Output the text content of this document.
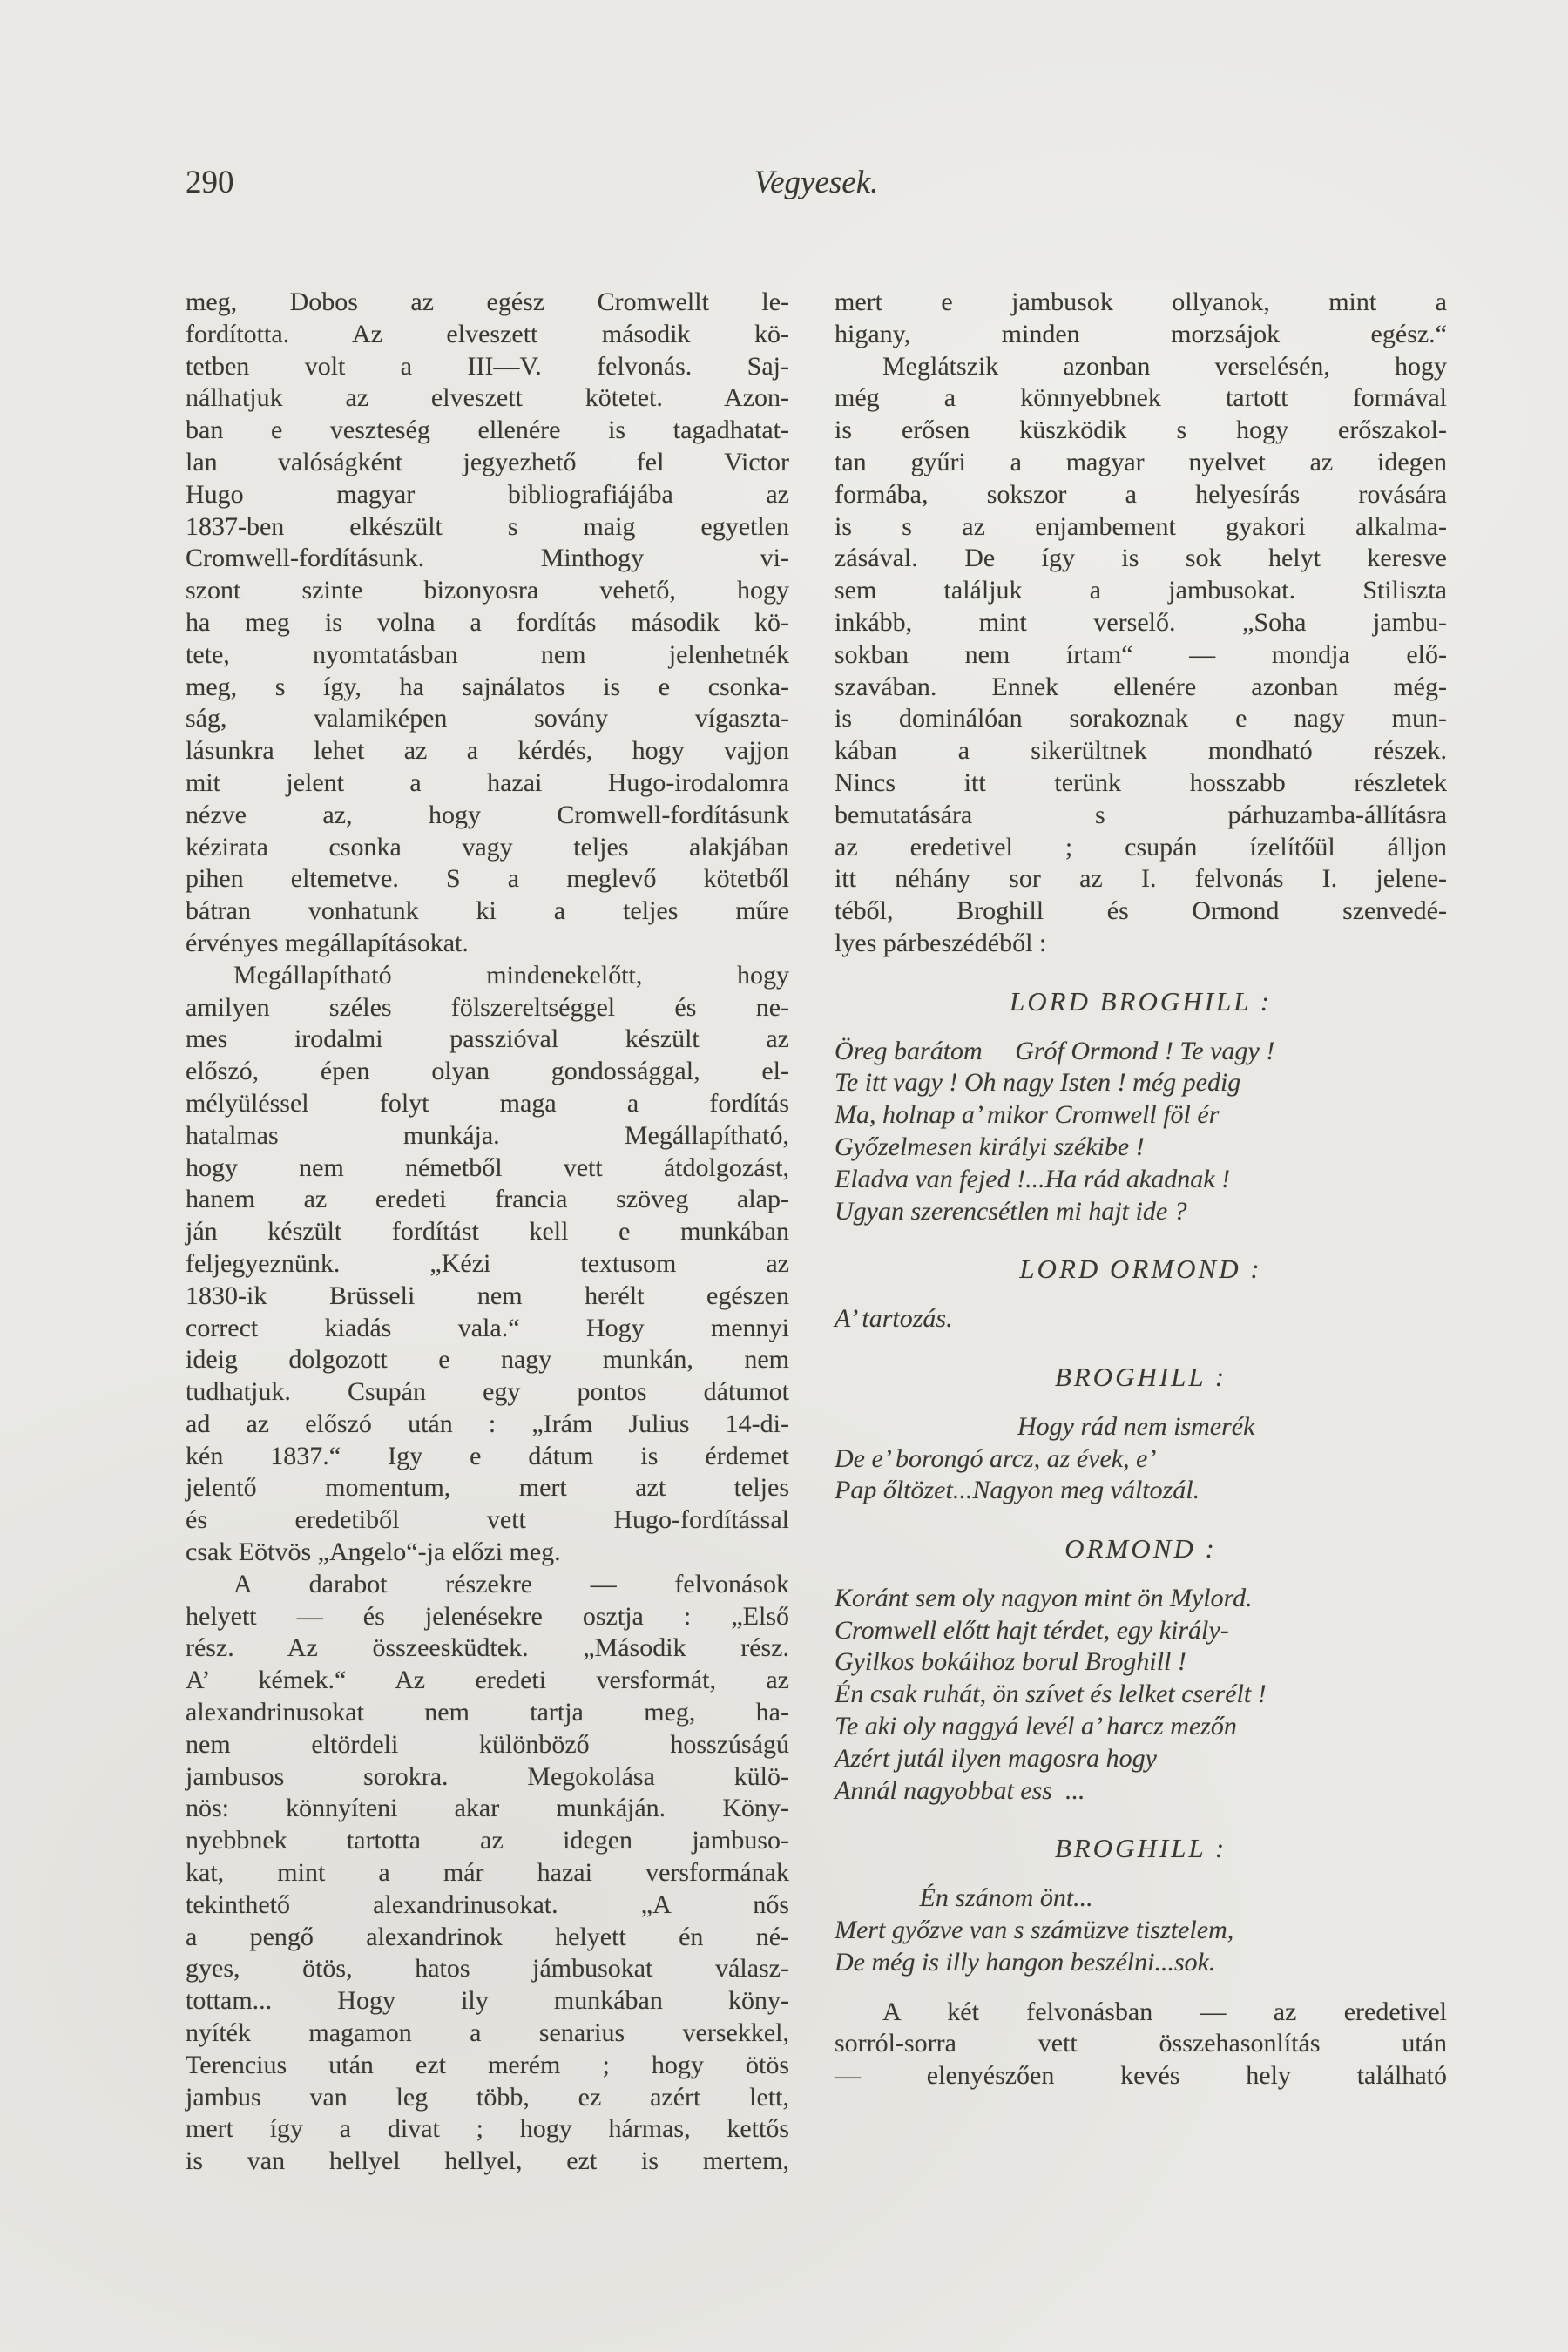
290	Vegyesek.
meg, Dobos az egész Cromwellt le-
fordította. Az elveszett második kö-
tetben volt a III—V. felvonás. Saj-
nálhatjuk az elveszett kötetet. Azon-
ban e veszteség ellenére is tagadhatat-
lan valóságként jegyezhető fel Victor
Hugo magyar bibliografiájába az
1837-ben elkészült s maig egyetlen
Cromwell-fordításunk. Minthogy vi-
szont szinte bizonyosra vehető, hogy
ha meg is volna a fordítás második kö-
tete, nyomtatásban nem jelenhetnék
meg, s így, ha sajnálatos is e csonka-
ság, valamiképen sovány vígaszta-
lásunkra lehet az a kérdés, hogy vajjon
mit jelent a hazai Hugo-irodalomra
nézve az, hogy Cromwell-fordításunk
kézirata csonka vagy teljes alakjában
pihen eltemetve. S a meglevő kötetből
bátran vonhatunk ki a teljes műre
érvényes megállapításokat.
Megállapítható mindenekelőtt, hogy
amilyen széles fölszereltséggel és ne-
mes irodalmi passzióval készült az
előszó, épen olyan gondossággal, el-
mélyüléssel folyt maga a fordítás
hatalmas munkája. Megállapítható,
hogy nem németből vett átdolgozást,
hanem az eredeti francia szöveg alap-
ján készült fordítást kell e munkában
feljegyeznünk. „Kézi textusom az
1830-ik Brüsseli nem herélt egészen
correct kiadás vala.“ Hogy mennyi
ideig dolgozott e nagy munkán, nem
tudhatjuk. Csupán egy pontos dátumot
ad az előszó után : „Irám Julius 14-di-
kén 1837.“ Igy e dátum is érdemet
jelentő momentum, mert azt teljes
és eredetiből vett Hugo-fordítással
csak Eötvös „Angelo“-ja előzi meg.
A darabot részekre — felvonások
helyett — és jelenésekre osztja : „Első
rész. Az összeesküdtek. „Második rész.
A’ kémek.“ Az eredeti versformát, az
alexandrinusokat nem tartja meg, ha-
nem eltördeli különböző hosszúságú
jambusos sorokra. Megokolása külö-
nös: könnyíteni akar munkáján. Köny-
nyebbnek tartotta az idegen jambuso-
kat, mint a már hazai versformának
tekinthető alexandrinusokat. „A nős
a pengő alexandrinok helyett én né-
gyes, ötös, hatos jámbusokat válasz-
tottam... Hogy ily munkában köny-
nyíték magamon a senarius versekkel,
Terencius után ezt merém ; hogy ötös
jambus van leg több, ez azért lett,
mert így a divat ; hogy hármas, kettős
is van hellyel hellyel, ezt is mertem,
mert e jambusok ollyanok, mint a
higany, minden morzsájok egész.“
Meglátszik azonban verselésén, hogy
még a könnyebbnek tartott formával
is erősen küszködik s hogy erőszakol-
tan gyűri a magyar nyelvet az idegen
formába, sokszor a helyesírás rovására
is s az enjambement gyakori alkalma-
zásával. De így is sok helyt keresve
sem találjuk a jambusokat. Stiliszta
inkább, mint verselő. „Soha jambu-
sokban nem írtam“ — mondja elő-
szavában. Ennek ellenére azonban még-
is dominálóan sorakoznak e nagy mun-
kában a sikerültnek mondható részek.
Nincs itt terünk hosszabb részletek
bemutatására s párhuzamba-állításra
az eredetivel ; csupán ízelítőül álljon
itt néhány sor az I. felvonás I. jelene-
téből, Broghill és Ormond szenvedé-
lyes párbeszédéből :
LORD BROGHILL :
Öreg barátom     Gróf Ormond ! Te vagy !
Te itt vagy ! Oh nagy Isten ! még pedig
Ma, holnap a’ mikor Cromwell föl ér
Győzelmesen királyi székibe !
Eladva van fejed !...Ha rád akadnak !
Ugyan szerencsétlen mi hajt ide ?
LORD ORMOND :
A’ tartozás.
BROGHILL :
Hogy rád nem ismerék
De e’ borongó arcz, az évek, e’
Pap őltözet...Nagyon meg változál.
ORMOND :
Koránt sem oly nagyon mint ön Mylord.
Cromwell előtt hajt térdet, egy király-
Gyilkos bokáihoz borul Broghill !
Én csak ruhát, ön szívet és lelket cserélt !
Te aki oly naggyá levél a’ harcz mezőn
Azért jutál ilyen magosra hogy
Annál nagyobbat ess  ...
BROGHILL :
Én szánom önt...
Mert győzve van s számüzve tisztelem,
De még is illy hangon beszélni...sok.
A két felvonásban — az eredetivel
sorról-sorra vett összehasonlítás után
— elenyészően kevés hely található
